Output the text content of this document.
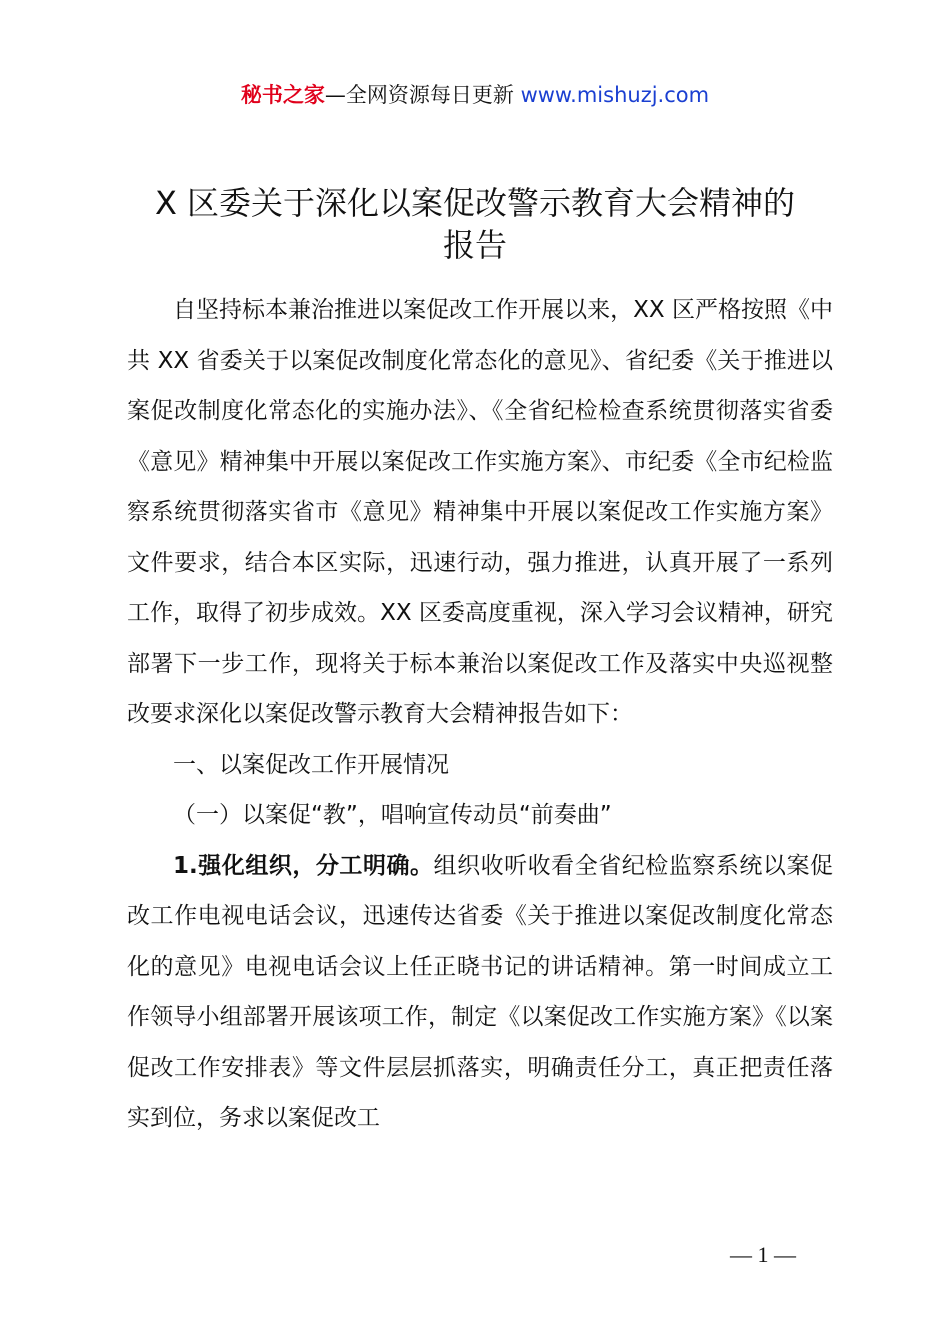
秘书之家—全网资源每日更新 www.mishuzj.com
X 区委关于深化以案促改警示教育大会精神的
报告

自坚持标本兼治推进以案促改工作开展以来，XX 区严格按照《中共 XX 省委关于以案促改制度化常态化的意见》、省纪委《关于推进以案促改制度化常态化的实施办法》、《全省纪检检查系统贯彻落实省委《意见》精神集中开展以案促改工作实施方案》、市纪委《全市纪检监察系统贯彻落实省市《意见》精神集中开展以案促改工作实施方案》文件要求，结合本区实际，迅速行动，强力推进，认真开展了一系列工作，取得了初步成效。XX 区委高度重视，深入学习会议精神，研究部署下一步工作，现将关于标本兼治以案促改工作及落实中央巡视整改要求深化以案促改警示教育大会精神报告如下：

一、以案促改工作开展情况

（一）以案促“教”，唱响宣传动员“前奏曲”

1.强化组织，分工明确。组织收听收看全省纪检监察系统以案促改工作电视电话会议，迅速传达省委《关于推进以案促改制度化常态化的意见》电视电话会议上任正晓书记的讲话精神。第一时间成立工作领导小组部署开展该项工作，制定《以案促改工作实施方案》《以案促改工作安排表》等文件层层抓落实，明确责任分工，真正把责任落实到位，务求以案促改工

— 1 —
